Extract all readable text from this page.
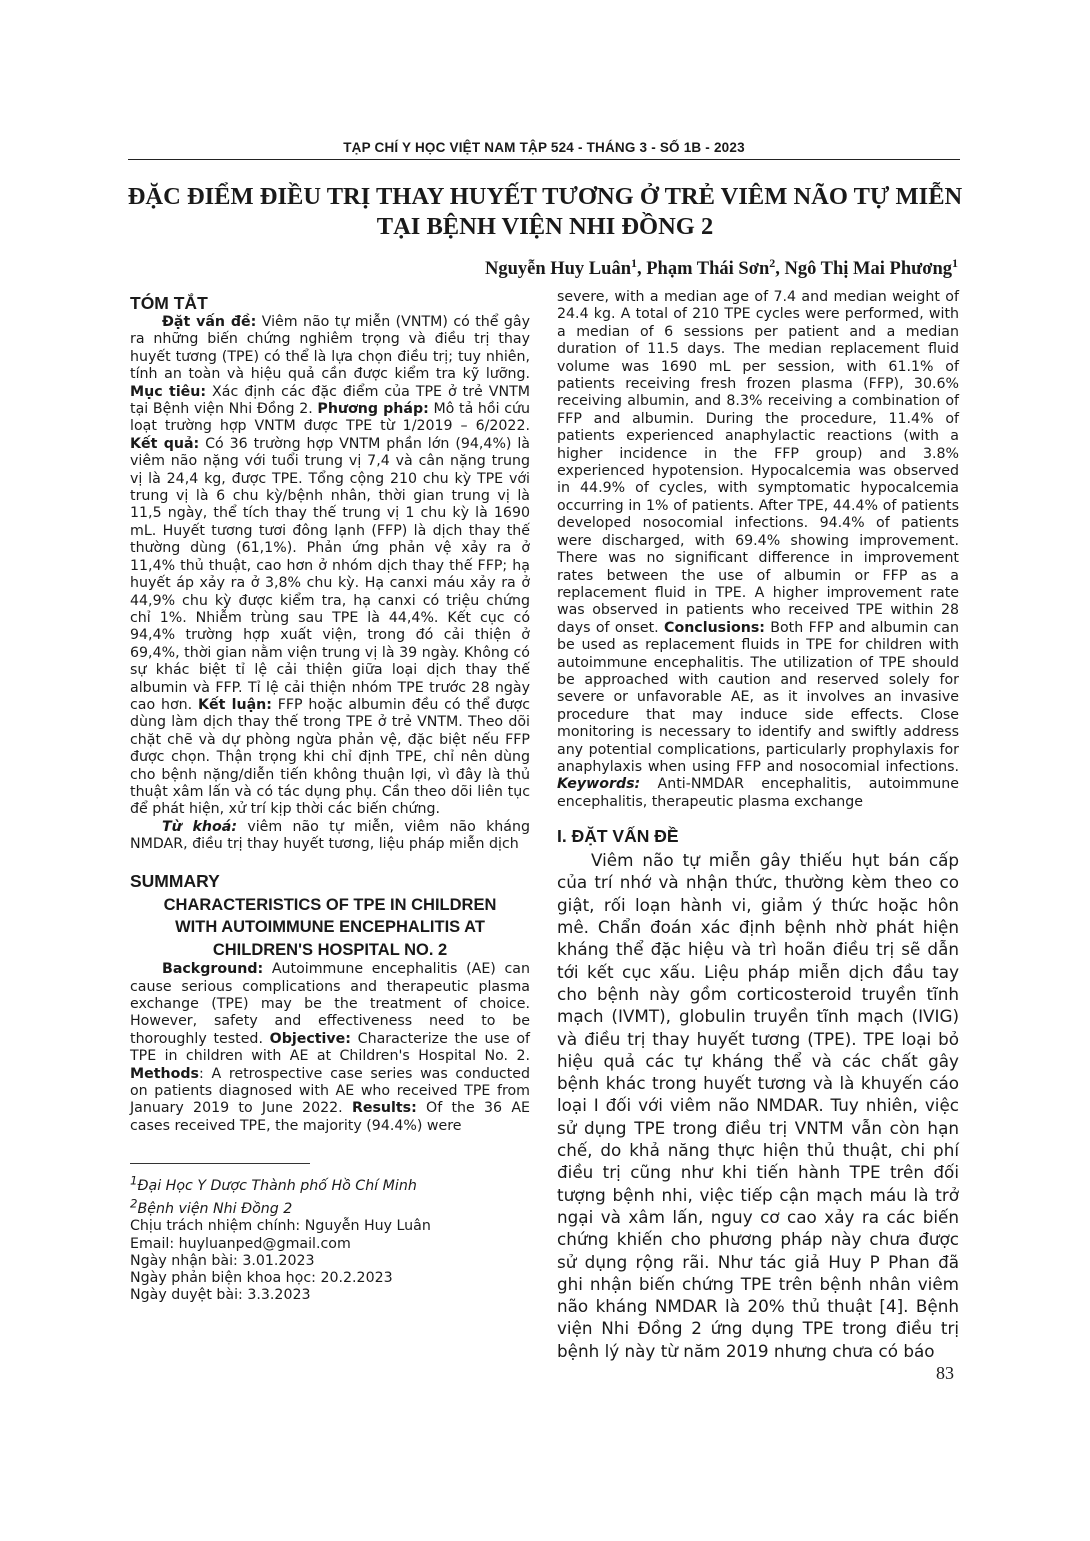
TẠP CHÍ Y HỌC VIỆT NAM TẬP 524 - THÁNG 3 - SỐ 1B - 2023
ĐẶC ĐIỂM ĐIỀU TRỊ THAY HUYẾT TƯƠNG Ở TRẺ VIÊM NÃO TỰ MIỄN
TẠI BỆNH VIỆN NHI ĐỒNG 2
Nguyễn Huy Luân$^1$, Phạm Thái Sơn$^2$, Ngô Thị Mai Phương$^1$

TÓM TẮT

Đặt vấn đề: Viêm não tự miễn (VNTM) có thể gây ra những biến chứng nghiêm trọng và điều trị thay huyết tương (TPE) có thể là lựa chọn điều trị; tuy nhiên, tính an toàn và hiệu quả cần được kiểm tra kỹ lưỡng. Mục tiêu: Xác định các đặc điểm của TPE ở trẻ VNTM tại Bệnh viện Nhi Đồng 2. Phương pháp: Mô tả hồi cứu loạt trường hợp VNTM được TPE từ 1/2019 – 6/2022. Kết quả: Có 36 trường hợp VNTM phần lớn (94,4%) là viêm não nặng với tuổi trung vị 7,4 và cân nặng trung vị là 24,4 kg, được TPE. Tổng cộng 210 chu kỳ TPE với trung vị là 6 chu kỳ/bệnh nhân, thời gian trung vị là 11,5 ngày, thể tích thay thế trung vị 1 chu kỳ là 1690 mL. Huyết tương tươi đông lạnh (FFP) là dịch thay thế thường dùng (61,1%). Phản ứng phản vệ xảy ra ở 11,4% thủ thuật, cao hơn ở nhóm dịch thay thế FFP; hạ huyết áp xảy ra ở 3,8% chu kỳ. Hạ canxi máu xảy ra ở 44,9% chu kỳ được kiểm tra, hạ canxi có triệu chứng chỉ 1%. Nhiễm trùng sau TPE là 44,4%. Kết cục có 94,4% trường hợp xuất viện, trong đó cải thiện ở 69,4%, thời gian nằm viện trung vị là 39 ngày. Không có sự khác biệt tỉ lệ cải thiện giữa loại dịch thay thế albumin và FFP. Tỉ lệ cải thiện nhóm TPE trước 28 ngày cao hơn. Kết luận: FFP hoặc albumin đều có thể được dùng làm dịch thay thế trong TPE ở trẻ VNTM. Theo dõi chặt chẽ và dự phòng ngừa phản vệ, đặc biệt nếu FFP được chọn. Thận trọng khi chỉ định TPE, chỉ nên dùng cho bệnh nặng/diễn tiến không thuận lợi, vì đây là thủ thuật xâm lấn và có tác dụng phụ. Cần theo dõi liên tục để phát hiện, xử trí kịp thời các biến chứng.

Từ khoá: viêm não tự miễn, viêm não kháng NMDAR, điều trị thay huyết tương, liệu pháp miễn dịch

SUMMARY

CHARACTERISTICS OF TPE IN CHILDREN
WITH AUTOIMMUNE ENCEPHALITIS AT
CHILDREN'S HOSPITAL NO. 2

Background: Autoimmune encephalitis (AE) can cause serious complications and therapeutic plasma exchange (TPE) may be the treatment of choice. However, safety and effectiveness need to be thoroughly tested. Objective: Characterize the use of TPE in children with AE at Children's Hospital No. 2. Methods: A retrospective case series was conducted on patients diagnosed with AE who received TPE from January 2019 to June 2022. Results: Of the 36 AE cases received TPE, the majority (94.4%) were

$^1$Đại Học Y Dược Thành phố Hồ Chí Minh

$^2$Bệnh viện Nhi Đồng 2

Chịu trách nhiệm chính: Nguyễn Huy Luân

Email: huyluanped@gmail.com

Ngày nhận bài: 3.01.2023

Ngày phản biện khoa học: 20.2.2023

Ngày duyệt bài: 3.3.2023

severe, with a median age of 7.4 and median weight of 24.4 kg. A total of 210 TPE cycles were performed, with a median of 6 sessions per patient and a median duration of 11.5 days. The median replacement fluid volume was 1690 mL per session, with 61.1% of patients receiving fresh frozen plasma (FFP), 30.6% receiving albumin, and 8.3% receiving a combination of FFP and albumin. During the procedure, 11.4% of patients experienced anaphylactic reactions (with a higher incidence in the FFP group) and 3.8% experienced hypotension. Hypocalcemia was observed in 44.9% of cycles, with symptomatic hypocalcemia occurring in 1% of patients. After TPE, 44.4% of patients developed nosocomial infections. 94.4% of patients were discharged, with 69.4% showing improvement. There was no significant difference in improvement rates between the use of albumin or FFP as a replacement fluid in TPE. A higher improvement rate was observed in patients who received TPE within 28 days of onset. Conclusions: Both FFP and albumin can be used as replacement fluids in TPE for children with autoimmune encephalitis. The utilization of TPE should be approached with caution and reserved solely for severe or unfavorable AE, as it involves an invasive procedure that may induce side effects. Close monitoring is necessary to identify and swiftly address any potential complications, particularly prophylaxis for anaphylaxis when using FFP and nosocomial infections. Keywords: Anti-NMDAR encephalitis, autoimmune encephalitis, therapeutic plasma exchange

I. ĐẶT VẤN ĐỀ

Viêm não tự miễn gây thiếu hụt bán cấp của trí nhớ và nhận thức, thường kèm theo co giật, rối loạn hành vi, giảm ý thức hoặc hôn mê. Chẩn đoán xác định bệnh nhờ phát hiện kháng thể đặc hiệu và trì hoãn điều trị sẽ dẫn tới kết cục xấu. Liệu pháp miễn dịch đầu tay cho bệnh này gồm corticosteroid truyền tĩnh mạch (IVMT), globulin truyền tĩnh mạch (IVIG) và điều trị thay huyết tương (TPE). TPE loại bỏ hiệu quả các tự kháng thể và các chất gây bệnh khác trong huyết tương và là khuyến cáo loại I đối với viêm não NMDAR. Tuy nhiên, việc sử dụng TPE trong điều trị VNTM vẫn còn hạn chế, do khả năng thực hiện thủ thuật, chi phí điều trị cũng như khi tiến hành TPE trên đối tượng bệnh nhi, việc tiếp cận mạch máu là trở ngại và xâm lấn, nguy cơ cao xảy ra các biến chứng khiến cho phương pháp này chưa được sử dụng rộng rãi. Như tác giả Huy P Phan đã ghi nhận biến chứng TPE trên bệnh nhân viêm não kháng NMDAR là 20% thủ thuật [4]. Bệnh viện Nhi Đồng 2 ứng dụng TPE trong điều trị bệnh lý này từ năm 2019 nhưng chưa có báo

83
